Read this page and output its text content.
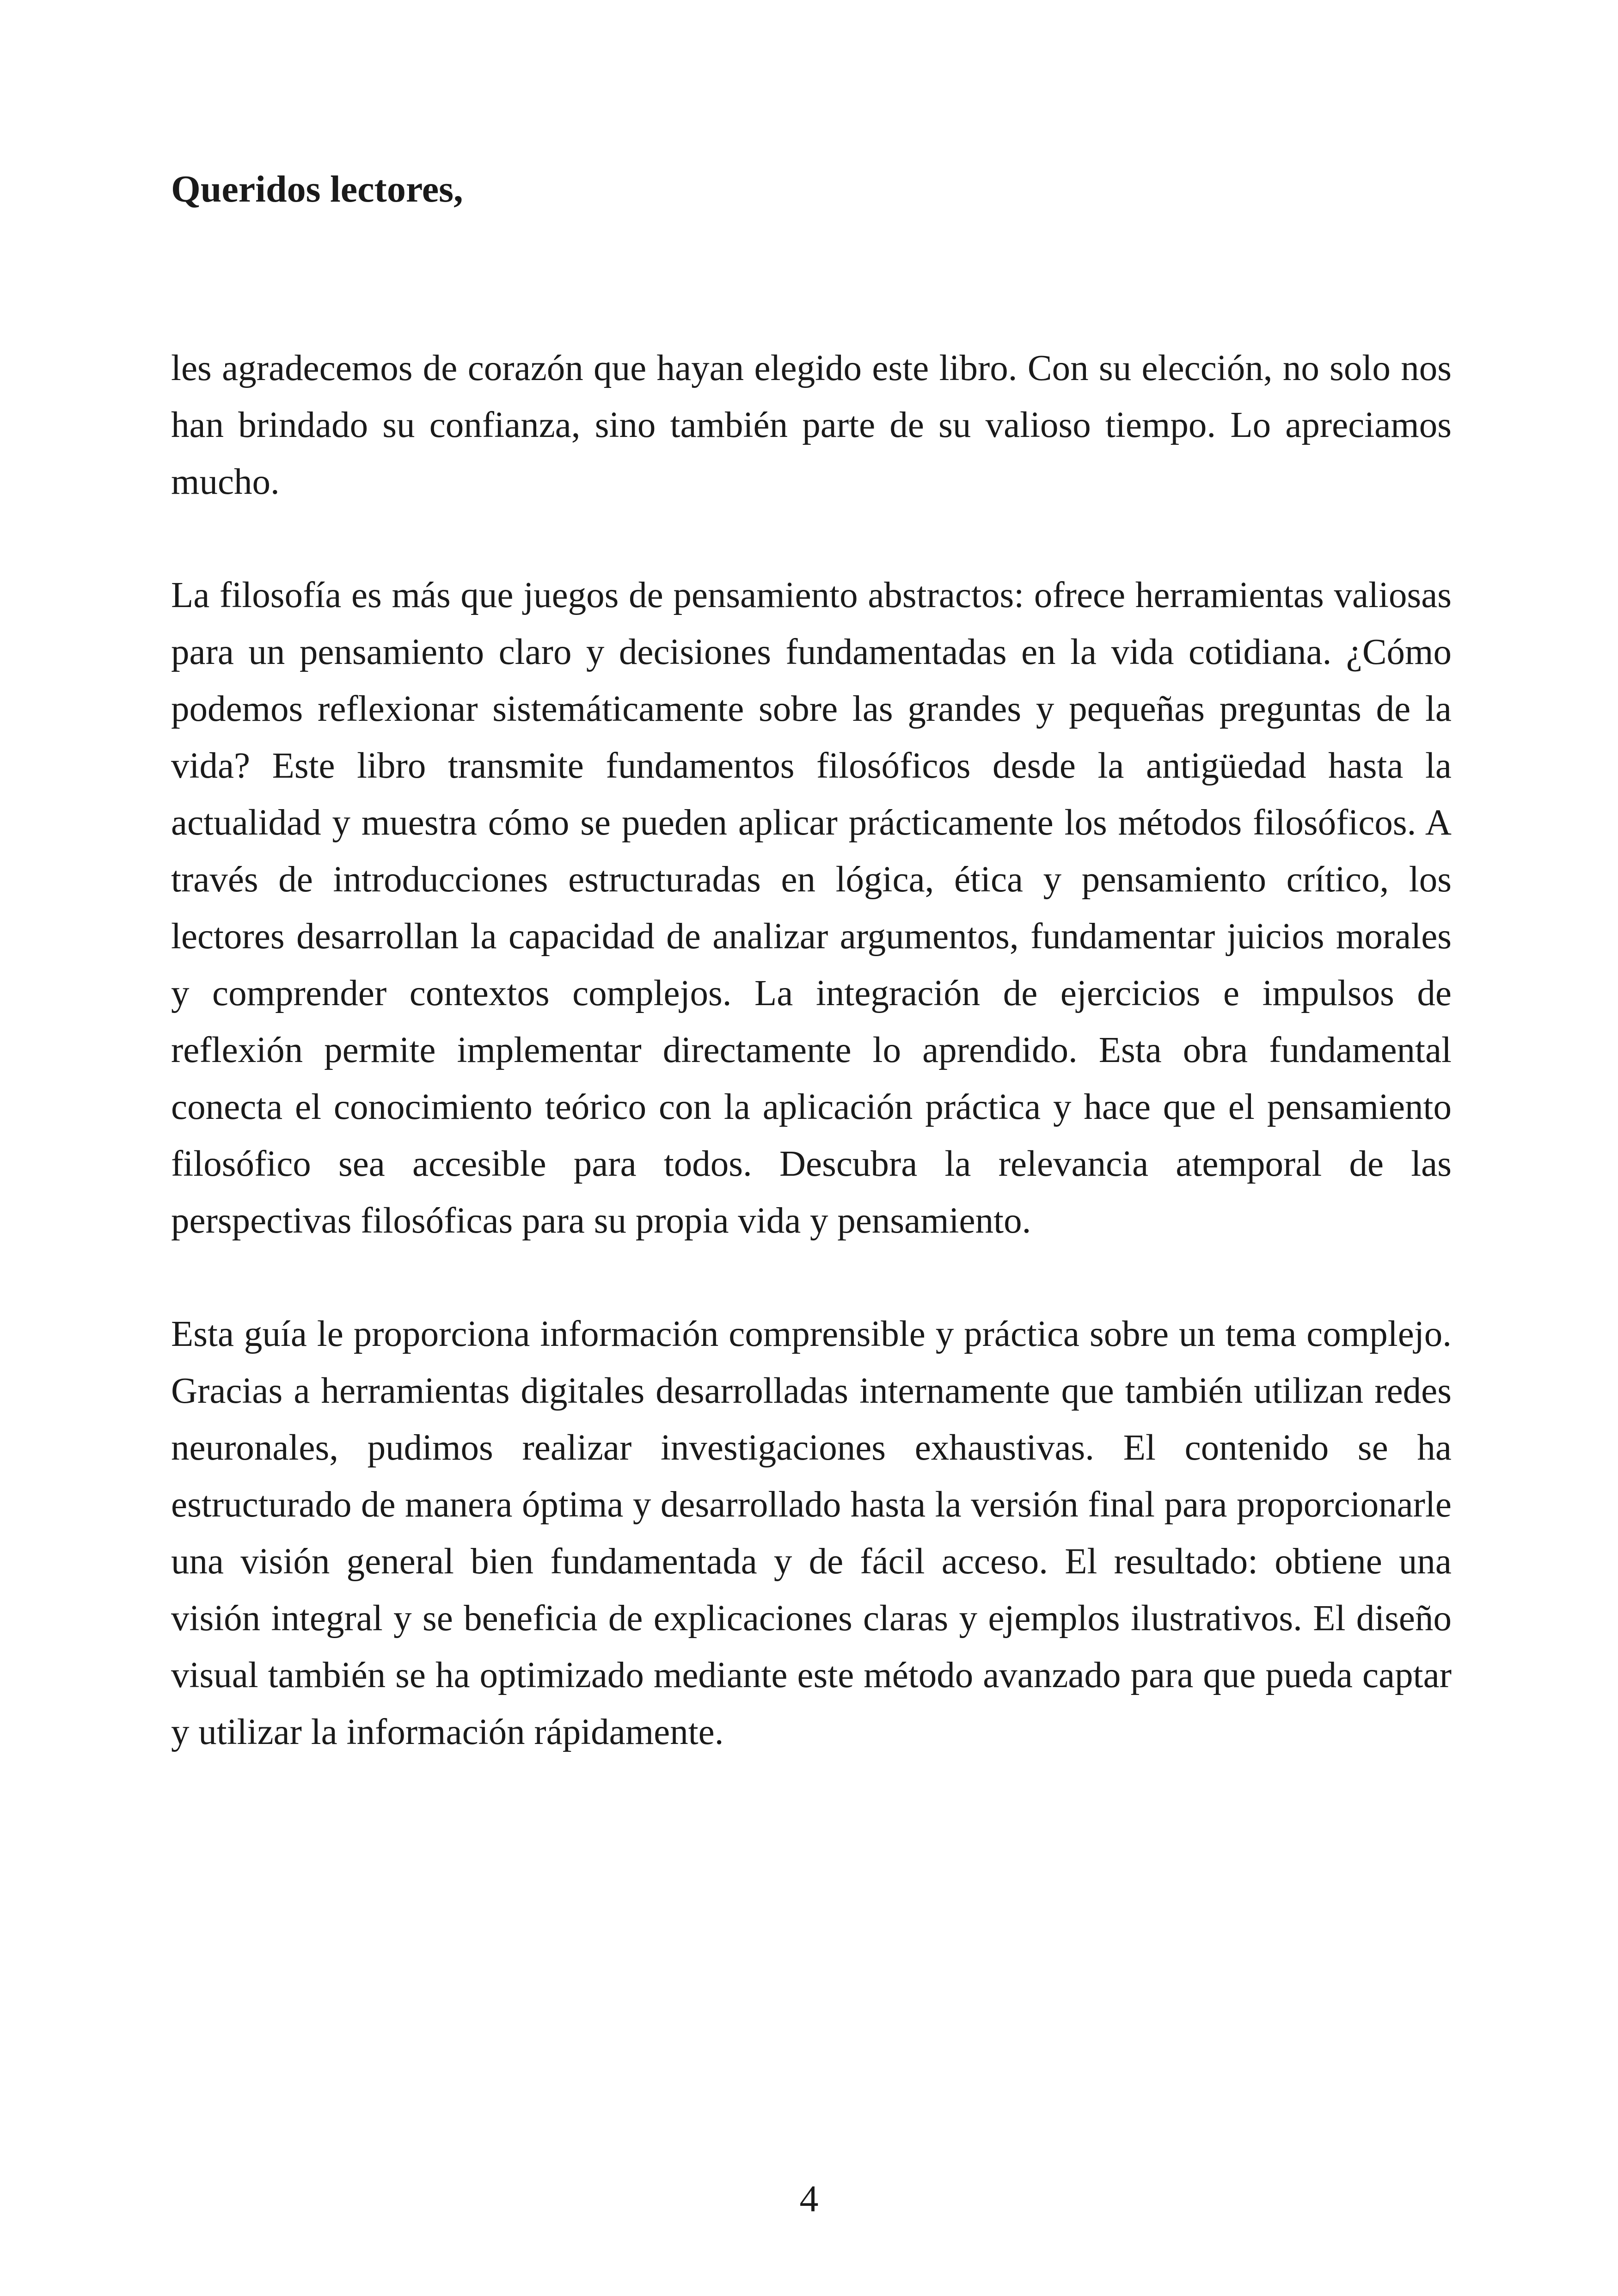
Queridos lectores,

les agradecemos de corazón que hayan elegido este libro. Con su elección, no solo nos han brindado su confianza, sino también parte de su valioso tiempo. Lo apreciamos mucho.

La filosofía es más que juegos de pensamiento abstractos: ofrece herramientas valiosas para un pensamiento claro y decisiones fundamentadas en la vida cotidiana. ¿Cómo podemos reflexionar sistemáticamente sobre las grandes y pequeñas preguntas de la vida? Este libro transmite fundamentos filosóficos desde la antigüedad hasta la actualidad y muestra cómo se pueden aplicar prácticamente los métodos filosóficos. A través de introducciones estructuradas en lógica, ética y pensamiento crítico, los lectores desarrollan la capacidad de analizar argumentos, fundamentar juicios morales y comprender contextos complejos. La integración de ejercicios e impulsos de reflexión permite implementar directamente lo aprendido. Esta obra fundamental conecta el conocimiento teórico con la aplicación práctica y hace que el pensamiento filosófico sea accesible para todos. Descubra la relevancia atemporal de las perspectivas filosóficas para su propia vida y pensamiento.

Esta guía le proporciona información comprensible y práctica sobre un tema complejo. Gracias a herramientas digitales desarrolladas internamente que también utilizan redes neuronales, pudimos realizar investigaciones exhaustivas. El contenido se ha estructurado de manera óptima y desarrollado hasta la versión final para proporcionarle una visión general bien fundamentada y de fácil acceso. El resultado: obtiene una visión integral y se beneficia de explicaciones claras y ejemplos ilustrativos. El diseño visual también se ha optimizado mediante este método avanzado para que pueda captar y utilizar la información rápidamente.

4
